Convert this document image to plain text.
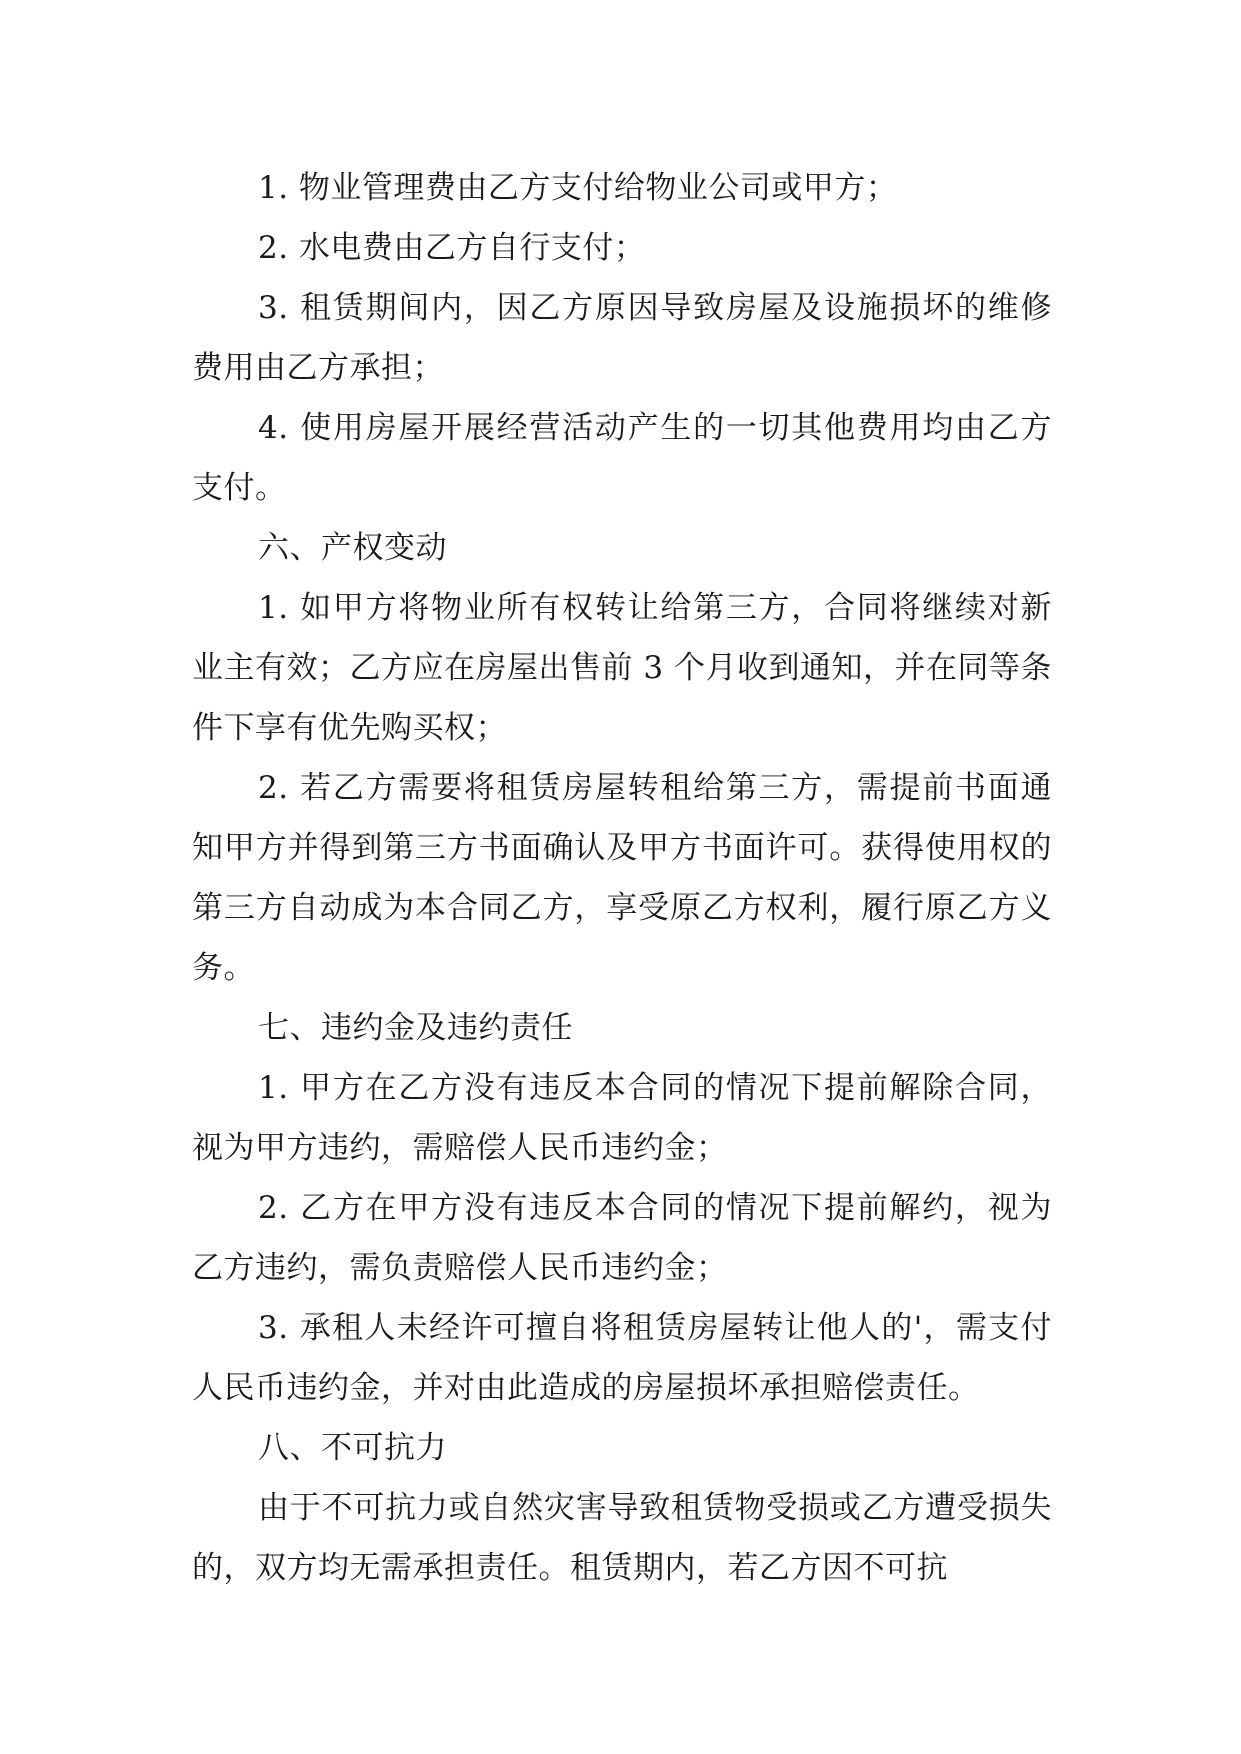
1. 物业管理费由乙方支付给物业公司或甲方；

2. 水电费由乙方自行支付；

3. 租赁期间内，因乙方原因导致房屋及设施损坏的维修费用由乙方承担；

4. 使用房屋开展经营活动产生的一切其他费用均由乙方支付。

六、产权变动

1. 如甲方将物业所有权转让给第三方，合同将继续对新业主有效；乙方应在房屋出售前 3 个月收到通知，并在同等条件下享有优先购买权；

2. 若乙方需要将租赁房屋转租给第三方，需提前书面通知甲方并得到第三方书面确认及甲方书面许可。获得使用权的第三方自动成为本合同乙方，享受原乙方权利，履行原乙方义务。

七、违约金及违约责任

1. 甲方在乙方没有违反本合同的情况下提前解除合同，视为甲方违约，需赔偿人民币违约金；

2. 乙方在甲方没有违反本合同的情况下提前解约，视为乙方违约，需负责赔偿人民币违约金；

3. 承租人未经许可擅自将租赁房屋转让他人的'，需支付人民币违约金，并对由此造成的房屋损坏承担赔偿责任。

八、不可抗力

由于不可抗力或自然灾害导致租赁物受损或乙方遭受损失的，双方均无需承担责任。租赁期内，若乙方因不可抗
